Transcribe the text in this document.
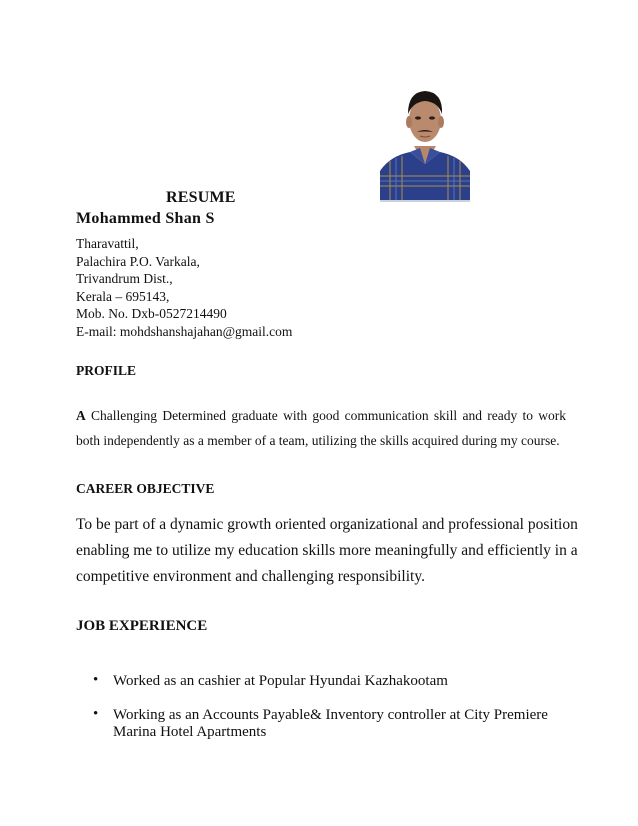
RESUME
Mohammed Shan S
Tharavattil,
Palachira P.O. Varkala,
Trivandrum Dist.,
Kerala – 695143,
Mob. No. Dxb-0527214490
E-mail: mohdshanshajahan@gmail.com
PROFILE
A Challenging Determined graduate with good communication skill and ready to work
both independently as a member of a team, utilizing the skills acquired during my course.
CAREER OBJECTIVE
To be part of a dynamic growth oriented organizational and professional position
enabling me to utilize my education skills more meaningfully and efficiently in a
competitive environment and challenging responsibility.
JOB EXPERIENCE
• Worked as an cashier at Popular Hyundai Kazhakootam
• Working as an Accounts Payable& Inventory controller at City Premiere
Marina Hotel Apartments
